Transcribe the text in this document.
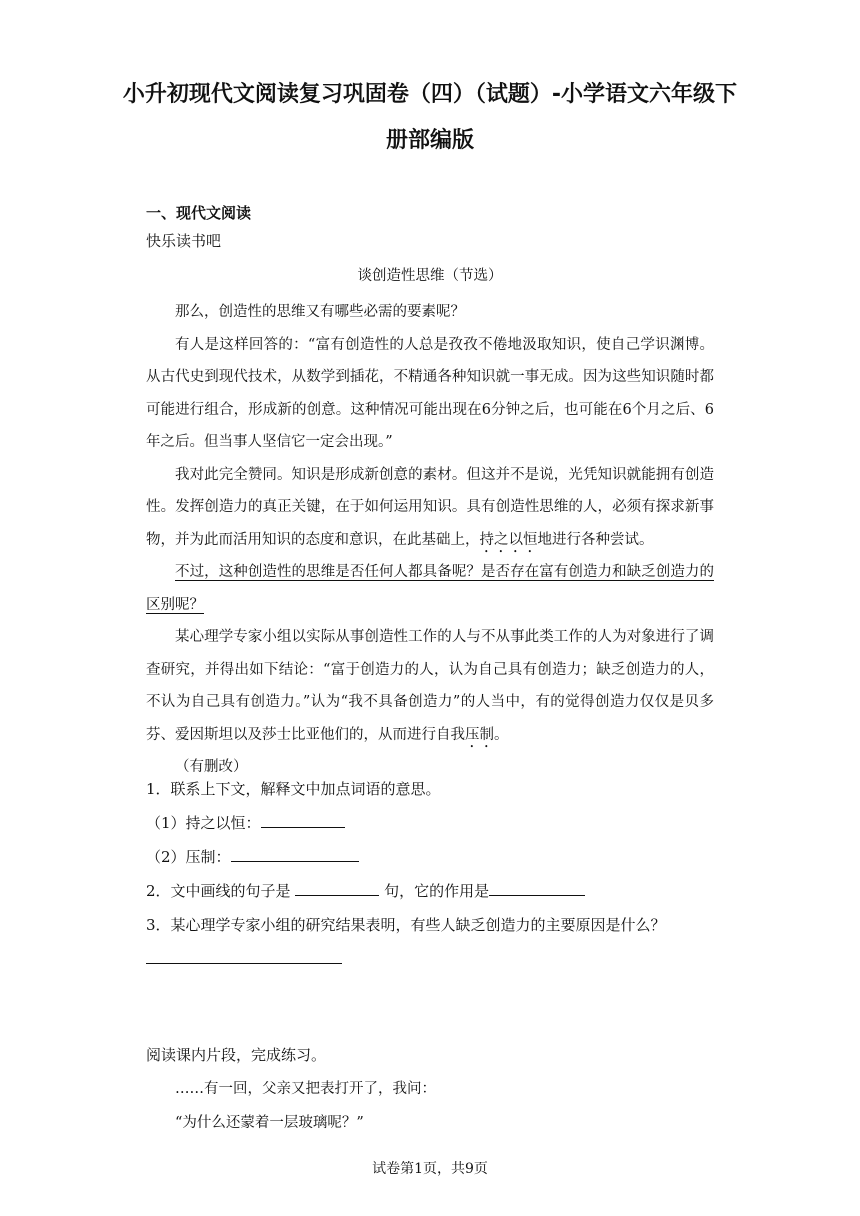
小升初现代文阅读复习巩固卷（四）（试题）-小学语文六年级下册部编版
一、现代文阅读
快乐读书吧
谈创造性思维（节选）

那么，创造性的思维又有哪些必需的要素呢？

有人是这样回答的：“富有创造性的人总是孜孜不倦地汲取知识，使自己学识渊博。从古代史到现代技术，从数学到插花，不精通各种知识就一事无成。因为这些知识随时都可能进行组合，形成新的创意。这种情况可能出现在6分钟之后，也可能在6个月之后、6年之后。但当事人坚信它一定会出现。”

我对此完全赞同。知识是形成新创意的素材。但这并不是说，光凭知识就能拥有创造性。发挥创造力的真正关键，在于如何运用知识。具有创造性思维的人，必须有探求新事物，并为此而活用知识的态度和意识，在此基础上，持之以恒地进行各种尝试。

不过，这种创造性的思维是否任何人都具备呢？是否存在富有创造力和缺乏创造力的区别呢？

某心理学专家小组以实际从事创造性工作的人与不从事此类工作的人为对象进行了调查研究，并得出如下结论：“富于创造力的人，认为自己具有创造力；缺乏创造力的人，不认为自己具有创造力。”认为“我不具备创造力”的人当中，有的觉得创造力仅仅是贝多芬、爱因斯坦以及莎士比亚他们的，从而进行自我压制。

（有删改）

1．联系上下文，解释文中加点词语的意思。
（1）持之以恒：
（2）压制：
2．文中画线的句子是	句，它的作用是
3．某心理学专家小组的研究结果表明，有些人缺乏创造力的主要原因是什么？
阅读课内片段，完成练习。
……有一回，父亲又把表打开了，我问：
“为什么还蒙着一层玻璃呢？”
试卷第1页，共9页
